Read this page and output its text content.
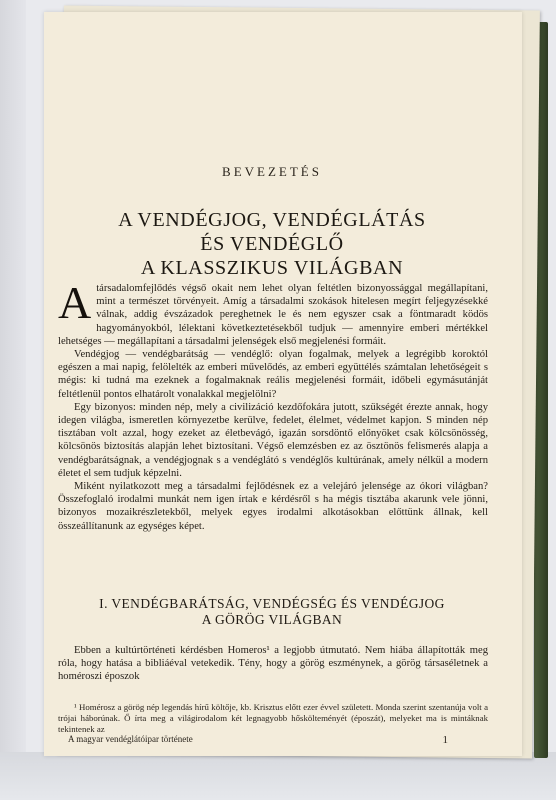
BEVEZETÉS
A VENDÉGJOG, VENDÉGLÁTÁS
ÉS VENDÉGLŐ
A KLASSZIKUS VILÁGBAN

Atársadalomfejlődés végső okait nem lehet olyan feltétlen bizonyossággal megállapítani, mint a természet törvényeit. Amíg a társadalmi szokások hitelesen megírt feljegyzésekké válnak, addig évszázadok pereghetnek le és nem egyszer csak a föntmaradt ködös hagyományokból, lélektani következtetésekből tudjuk — amennyire emberi mértékkel lehetséges — megállapítani a társadalmi jelenségek első megjelenési formáit.

Vendégjog — vendégbarátság — vendéglő: olyan fogalmak, melyek a legrégibb koroktól egészen a mai napig, felölelték az emberi művelődés, az emberi együttélés számtalan lehetőségeit s mégis: ki tudná ma ezeknek a fogalmaknak reális megjelenési formáit, időbeli egymásutánját feltétlenül pontos elhatárolt vonalakkal megjelölni?

Egy bizonyos: minden nép, mely a civilizáció kezdőfokára jutott, szükségét érezte annak, hogy idegen világba, ismeretlen környezetbe kerülve, fedelet, élelmet, védelmet kapjon. S minden nép tisztában volt azzal, hogy ezeket az életbevágó, igazán sorsdöntő előnyöket csak kölcsönösség, kölcsönös biztosítás alapján lehet biztosítani. Végső elemzésben ez az ösztönös felismerés alapja a vendégbarátságnak, a vendégjognak s a vendéglátó s vendéglős kultúrának, amely nélkül a modern életet el sem tudjuk képzelni.

Miként nyilatkozott meg a társadalmi fejlődésnek ez a velejáró jelensége az ókori világban? Összefoglaló irodalmi munkát nem igen írtak e kérdésről s ha mégis tisztába akarunk vele jönni, bizonyos mozaikrészletekből, melyek egyes irodalmi alkotásokban előttünk állnak, kell összeállítanunk az egységes képet.

I. VENDÉGBARÁTSÁG, VENDÉGSÉG ÉS VENDÉGJOG
A GÖRÖG VILÁGBAN
Ebben a kultúrtörténeti kérdésben Homeros¹ a legjobb útmutató. Nem hiába állapították meg róla, hogy hatása a bibliáéval vetekedik. Tény, hogy a görög eszménynek, a görög társaséletnek a homéroszi époszok

¹ Homérosz a görög nép legendás hírű költője, kb. Krisztus előtt ezer évvel született. Monda szerint szentanúja volt a trójai háborúnak. Ő írta meg a világirodalom két legnagyobb hőskölteményét (époszát), melyeket ma is mintáknak tekintenek az

A magyar vendéglátóipar története	1
